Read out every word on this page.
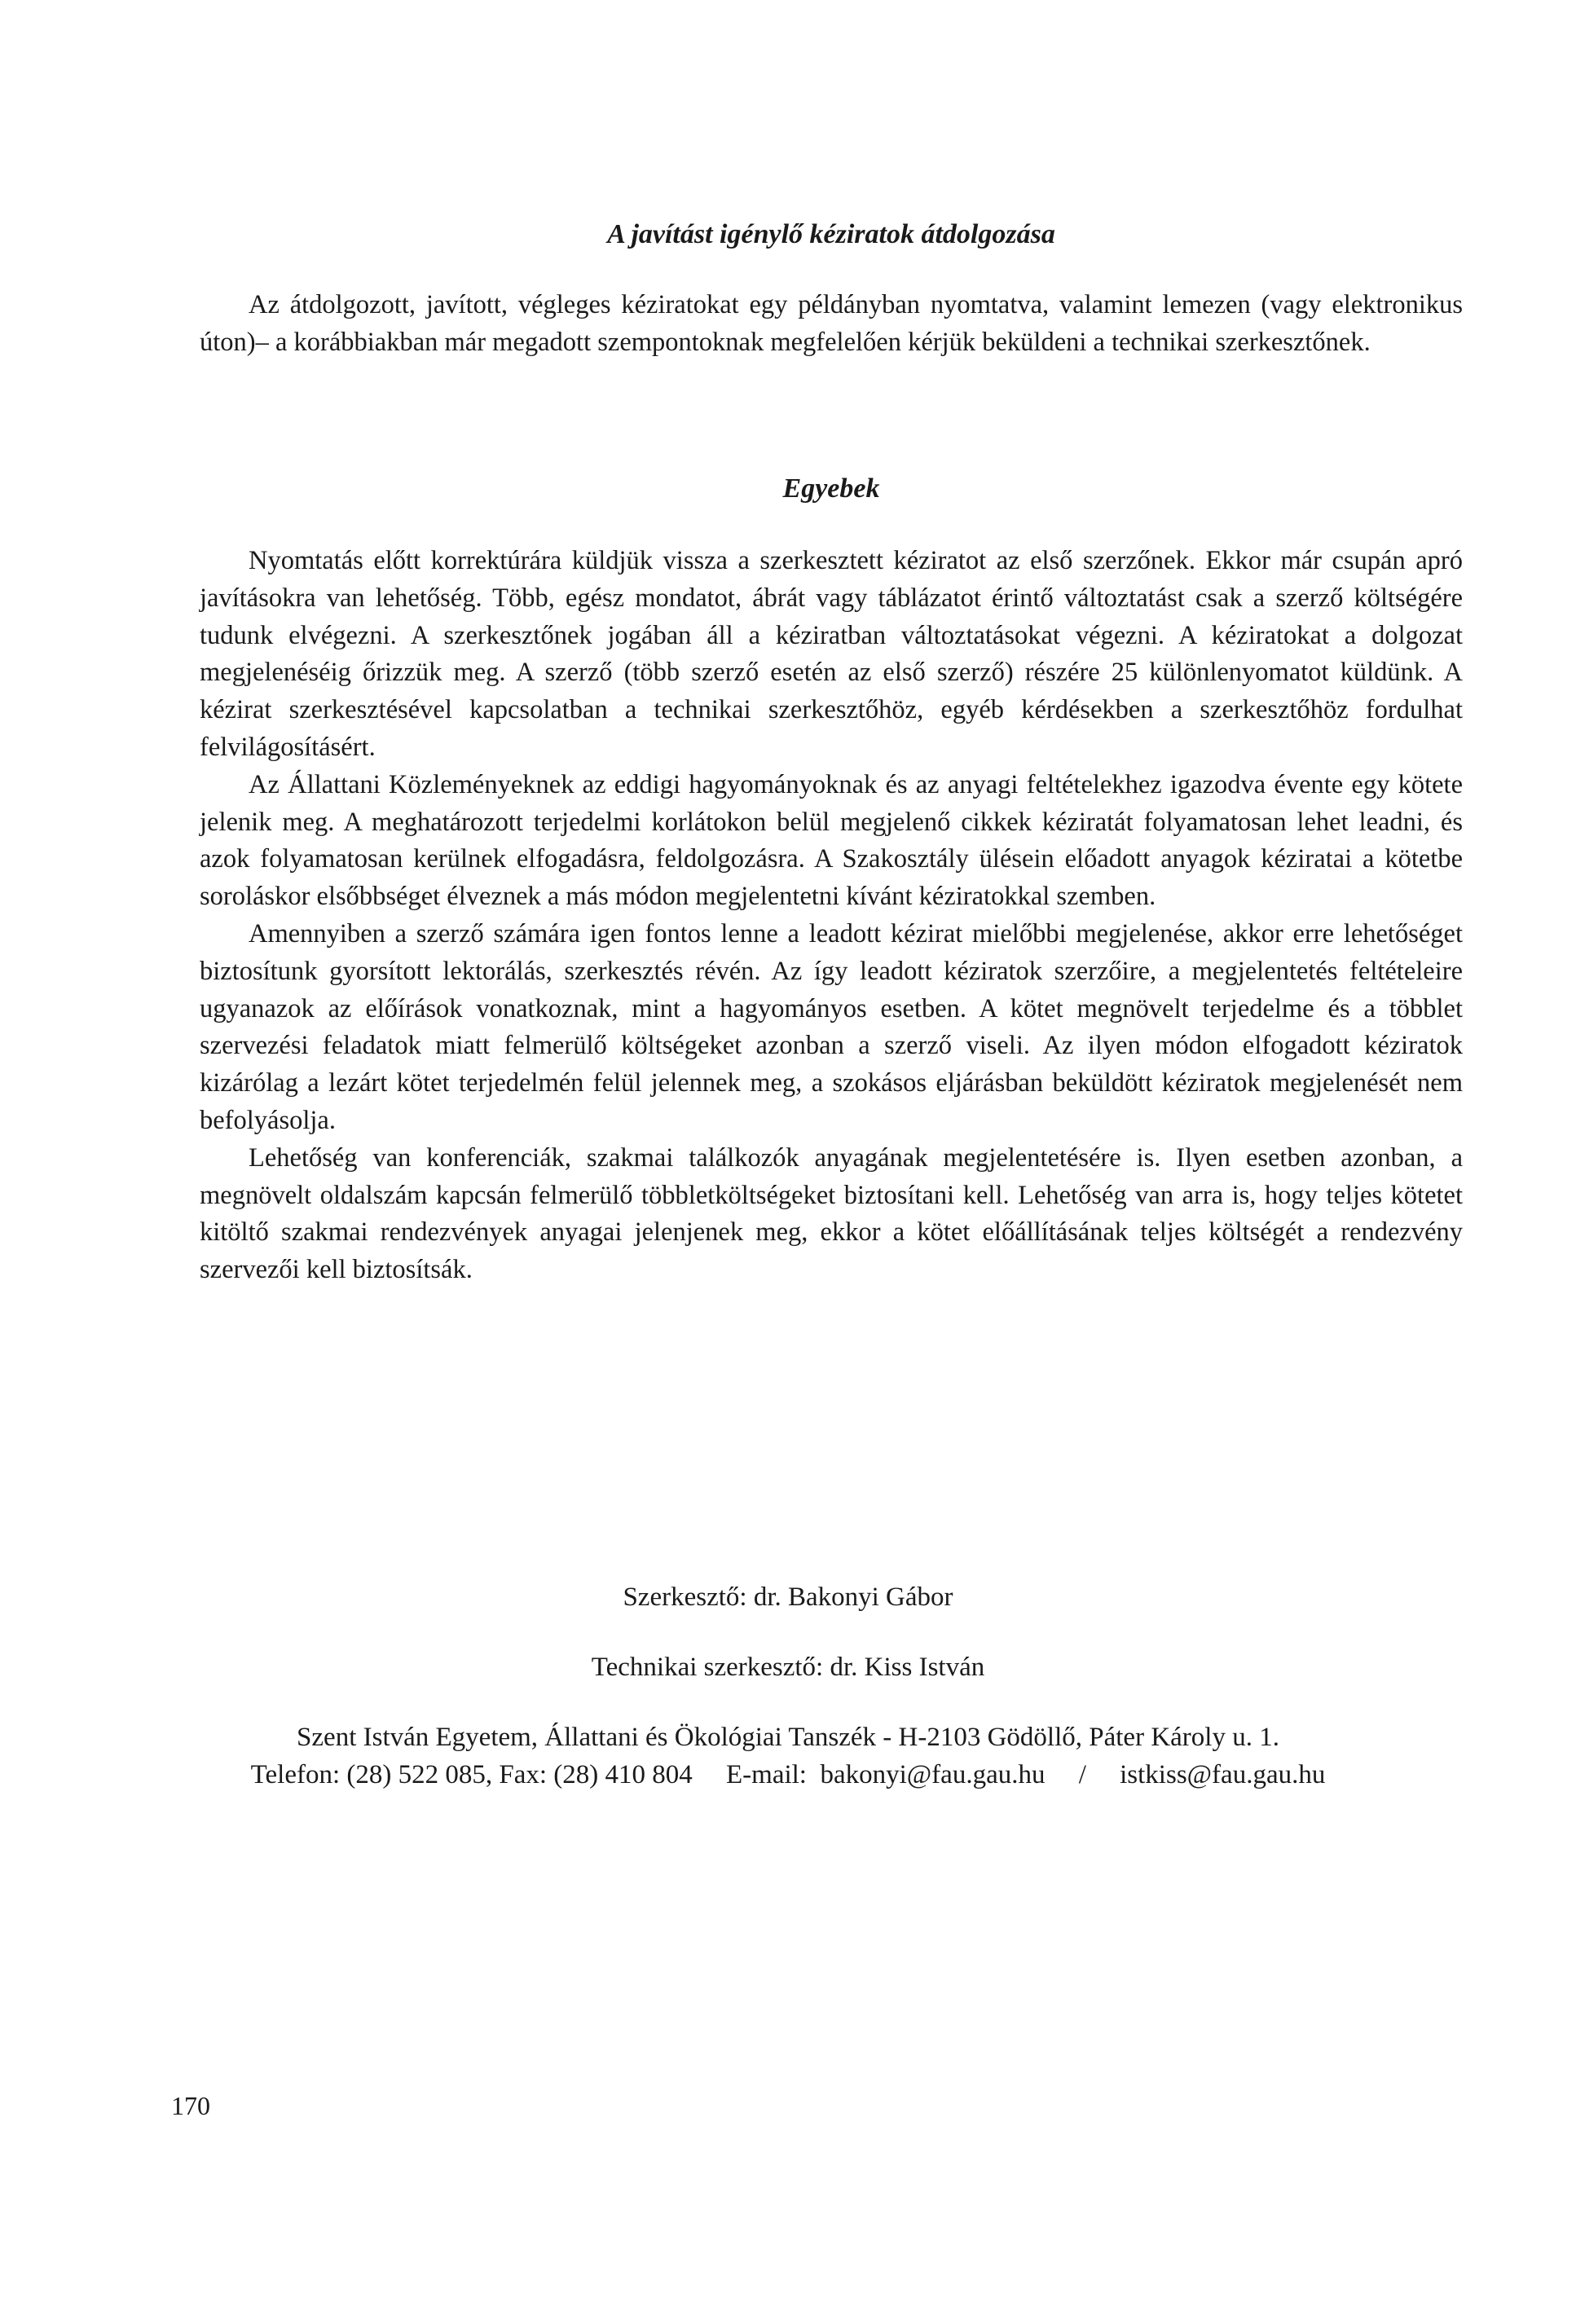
A javítást igénylő kéziratok átdolgozása

Az átdolgozott, javított, végleges kéziratokat egy példányban nyomtatva, valamint lemezen (vagy elektronikus úton)– a korábbiakban már megadott szempontoknak megfelelően kérjük beküldeni a technikai szerkesztőnek.

Egyebek

Nyomtatás előtt korrektúrára küldjük vissza a szerkesztett kéziratot az első szerzőnek. Ekkor már csupán apró javításokra van lehetőség. Több, egész mondatot, ábrát vagy táblázatot érintő változtatást csak a szerző költségére tudunk elvégezni. A szerkesztőnek jogában áll a kéziratban változtatásokat végezni. A kéziratokat a dolgozat megjelenéséig őrizzük meg. A szerző (több szerző esetén az első szerző) részére 25 különlenyomatot küldünk. A kézirat szerkesztésével kapcsolatban a technikai szerkesztőhöz, egyéb kérdésekben a szerkesztőhöz fordulhat felvilágosításért.

Az Állattani Közleményeknek az eddigi hagyományoknak és az anyagi feltételekhez igazodva évente egy kötete jelenik meg. A meghatározott terjedelmi korlátokon belül megjelenő cikkek kéziratát folyamatosan lehet leadni, és azok folyamatosan kerülnek elfogadásra, feldolgozásra. A Szakosztály ülésein előadott anyagok kéziratai a kötetbe soroláskor elsőbbséget élveznek a más módon megjelentetni kívánt kéziratokkal szemben.

Amennyiben a szerző számára igen fontos lenne a leadott kézirat mielőbbi megjelenése, akkor erre lehetőséget biztosítunk gyorsított lektorálás, szerkesztés révén. Az így leadott kéziratok szerzőire, a megjelentetés feltételeire ugyanazok az előírások vonatkoznak, mint a hagyományos esetben. A kötet megnövelt terjedelme és a többlet szervezési feladatok miatt felmerülő költségeket azonban a szerző viseli. Az ilyen módon elfogadott kéziratok kizárólag a lezárt kötet terjedelmén felül jelennek meg, a szokásos eljárásban beküldött kéziratok megjelenését nem befolyásolja.

Lehetőség van konferenciák, szakmai találkozók anyagának megjelentetésére is. Ilyen esetben azonban, a megnövelt oldalszám kapcsán felmerülő többletköltségeket biztosítani kell. Lehetőség van arra is, hogy teljes kötetet kitöltő szakmai rendezvények anyagai jelenjenek meg, ekkor a kötet előállításának teljes költségét a rendezvény szervezői kell biztosítsák.

Szerkesztő: dr. Bakonyi Gábor

Technikai szerkesztő: dr. Kiss István

Szent István Egyetem, Állattani és Ökológiai Tanszék - H-2103 Gödöllő, Páter Károly u. 1.

Telefon: (28) 522 085, Fax: (28) 410 804     E-mail:  bakonyi@fau.gau.hu     /     istkiss@fau.gau.hu

170
